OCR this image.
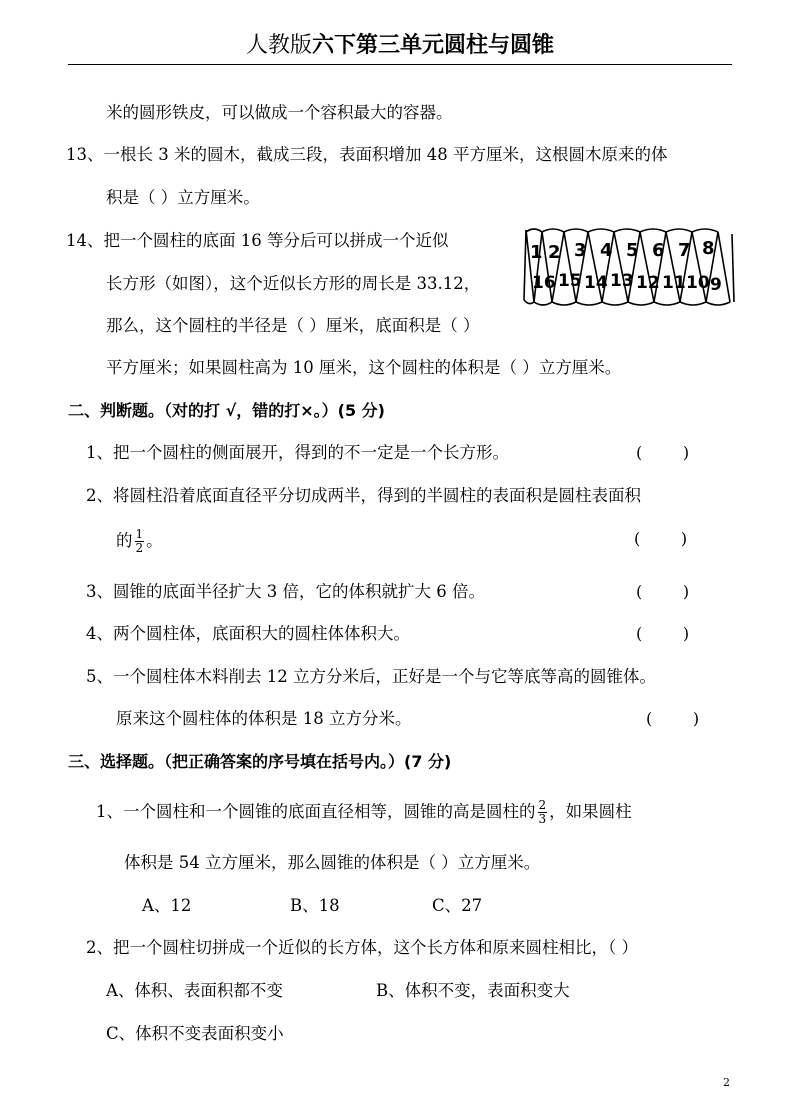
人教版六下第三单元圆柱与圆锥
米的圆形铁皮，可以做成一个容积最大的容器。
13、一根长 3 米的圆木，截成三段，表面积增加 48 平方厘米，这根圆木原来的体
积是（ ）立方厘米。
14、把一个圆柱的底面 16 等分后可以拼成一个近似
长方形（如图），这个近似长方形的周长是 33.12，
那么，这个圆柱的半径是（ ）厘米，底面积是（ ）
平方厘米；如果圆柱高为 10 厘米，这个圆柱的体积是（ ）立方厘米。
1 2 3 4 5 6 7 8
16 15 14 13 12 11 10 9
二、判断题。（对的打 √，错的打×。）(5 分)
1、把一个圆柱的侧面展开，得到的不一定是一个长方形。	(        )
2、将圆柱沿着底面直径平分切成两半，得到的半圆柱的表面积是圆柱表面积
的 $\frac{1}{2}$ 。	(        )
3、圆锥的底面半径扩大 3 倍，它的体积就扩大 6 倍。	(        )
4、两个圆柱体，底面积大的圆柱体体积大。	(        )
5、一个圆柱体木料削去 12 立方分米后，正好是一个与它等底等高的圆锥体。
原来这个圆柱体的体积是 18 立方分米。	(        )
三、选择题。（把正确答案的序号填在括号内。）(7 分)
1、一个圆柱和一个圆锥的底面直径相等，圆锥的高是圆柱的 $\frac{2}{3}$ ，如果圆柱
体积是 54 立方厘米，那么圆锥的体积是（ ）立方厘米。
A、12	B、18	C、27
2、把一个圆柱切拼成一个近似的长方体，这个长方体和原来圆柱相比，（ ）
A、体积、表面积都不变	B、体积不变，表面积变大
C、体积不变表面积变小
2
